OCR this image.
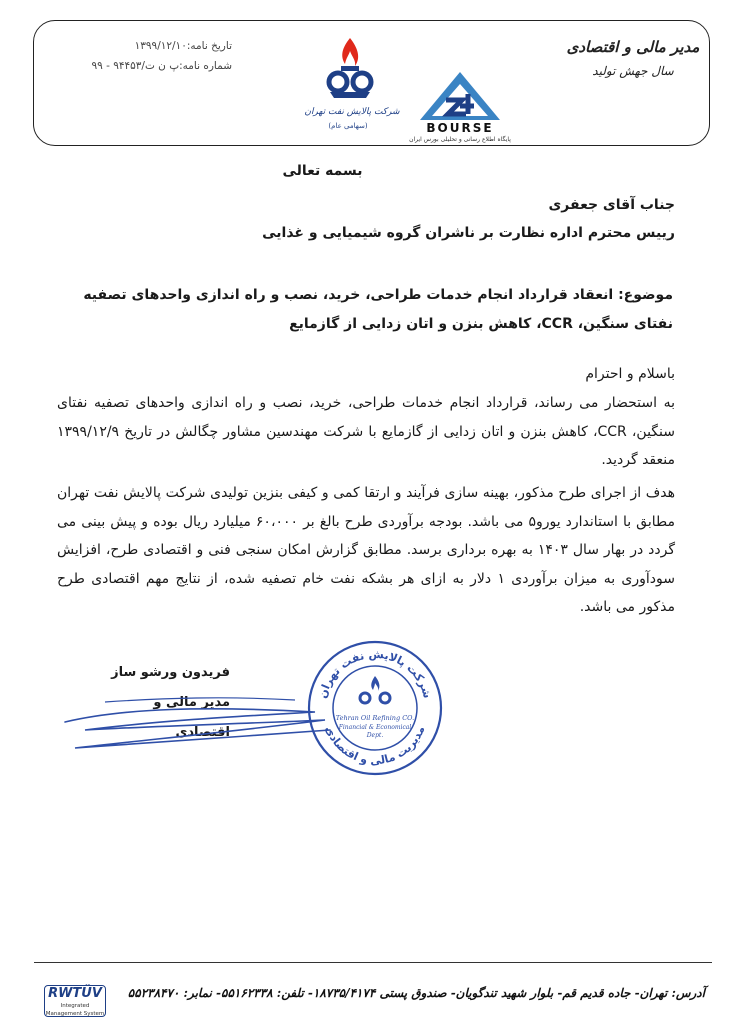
مدیر مالی و اقتصادی
سال جهش تولید
تاریخ نامه:۱۳۹۹/۱۲/۱۰
شماره نامه:پ ن ت/۹۴۴۵۳ - ۹۹
شرکت پالایش نفت تهران
(سهامی عام)	BOURSE
پایگاه اطلاع رسانی و تحلیلی بورس ایران
بسمه تعالی
جناب آقای جعفری
رییس محترم اداره نظارت بر ناشران گروه شیمیایی و غذایی
موضوع: انعقاد قرارداد انجام خدمات طراحی، خرید، نصب و راه اندازی واحدهای تصفیه نفتای سنگین، CCR، کاهش بنزن و اتان زدایی از گازمایع
باسلام و احترام
به استحضار می رساند، قرارداد انجام خدمات طراحی، خرید، نصب و راه اندازی واحدهای تصفیه نفتای سنگین، CCR، کاهش بنزن و اتان زدایی از گازمایع با شرکت مهندسین مشاور چگالش در تاریخ ۱۳۹۹/۱۲/۹ منعقد گردید.
هدف از اجرای طرح مذکور، بهینه سازی فرآیند و ارتقا کمی و کیفی بنزین تولیدی شرکت پالایش نفت تهران مطابق با استاندارد یورو۵ می باشد. بودجه برآوردی طرح بالغ بر ۶۰،۰۰۰ میلیارد ریال بوده و پیش بینی می گردد در بهار سال ۱۴۰۳ به بهره برداری برسد. مطابق گزارش امکان سنجی فنی و اقتصادی طرح، افزایش سودآوری به میزان برآوردی ۱ دلار به ازای هر بشکه نفت خام تصفیه شده، از نتایج مهم اقتصادی طرح مذکور می باشد.
فریدون ورشو ساز
مدیر مالی و اقتصادی
شرکت پالایش نفت تهران
مدیریت مالی و اقتصادی
Tehran Oil Refining CO.
Financial & Economical
Dept.
آدرس: تهران- جاده قدیم قم- بلوار شهید تندگویان- صندوق پستی ۱۸۷۳۵/۴۱۷۴- تلفن: ۵۵۱۶۲۳۳۸- نمابر: ۵۵۲۳۸۴۷۰
RWTÜV
Integrated Management System
